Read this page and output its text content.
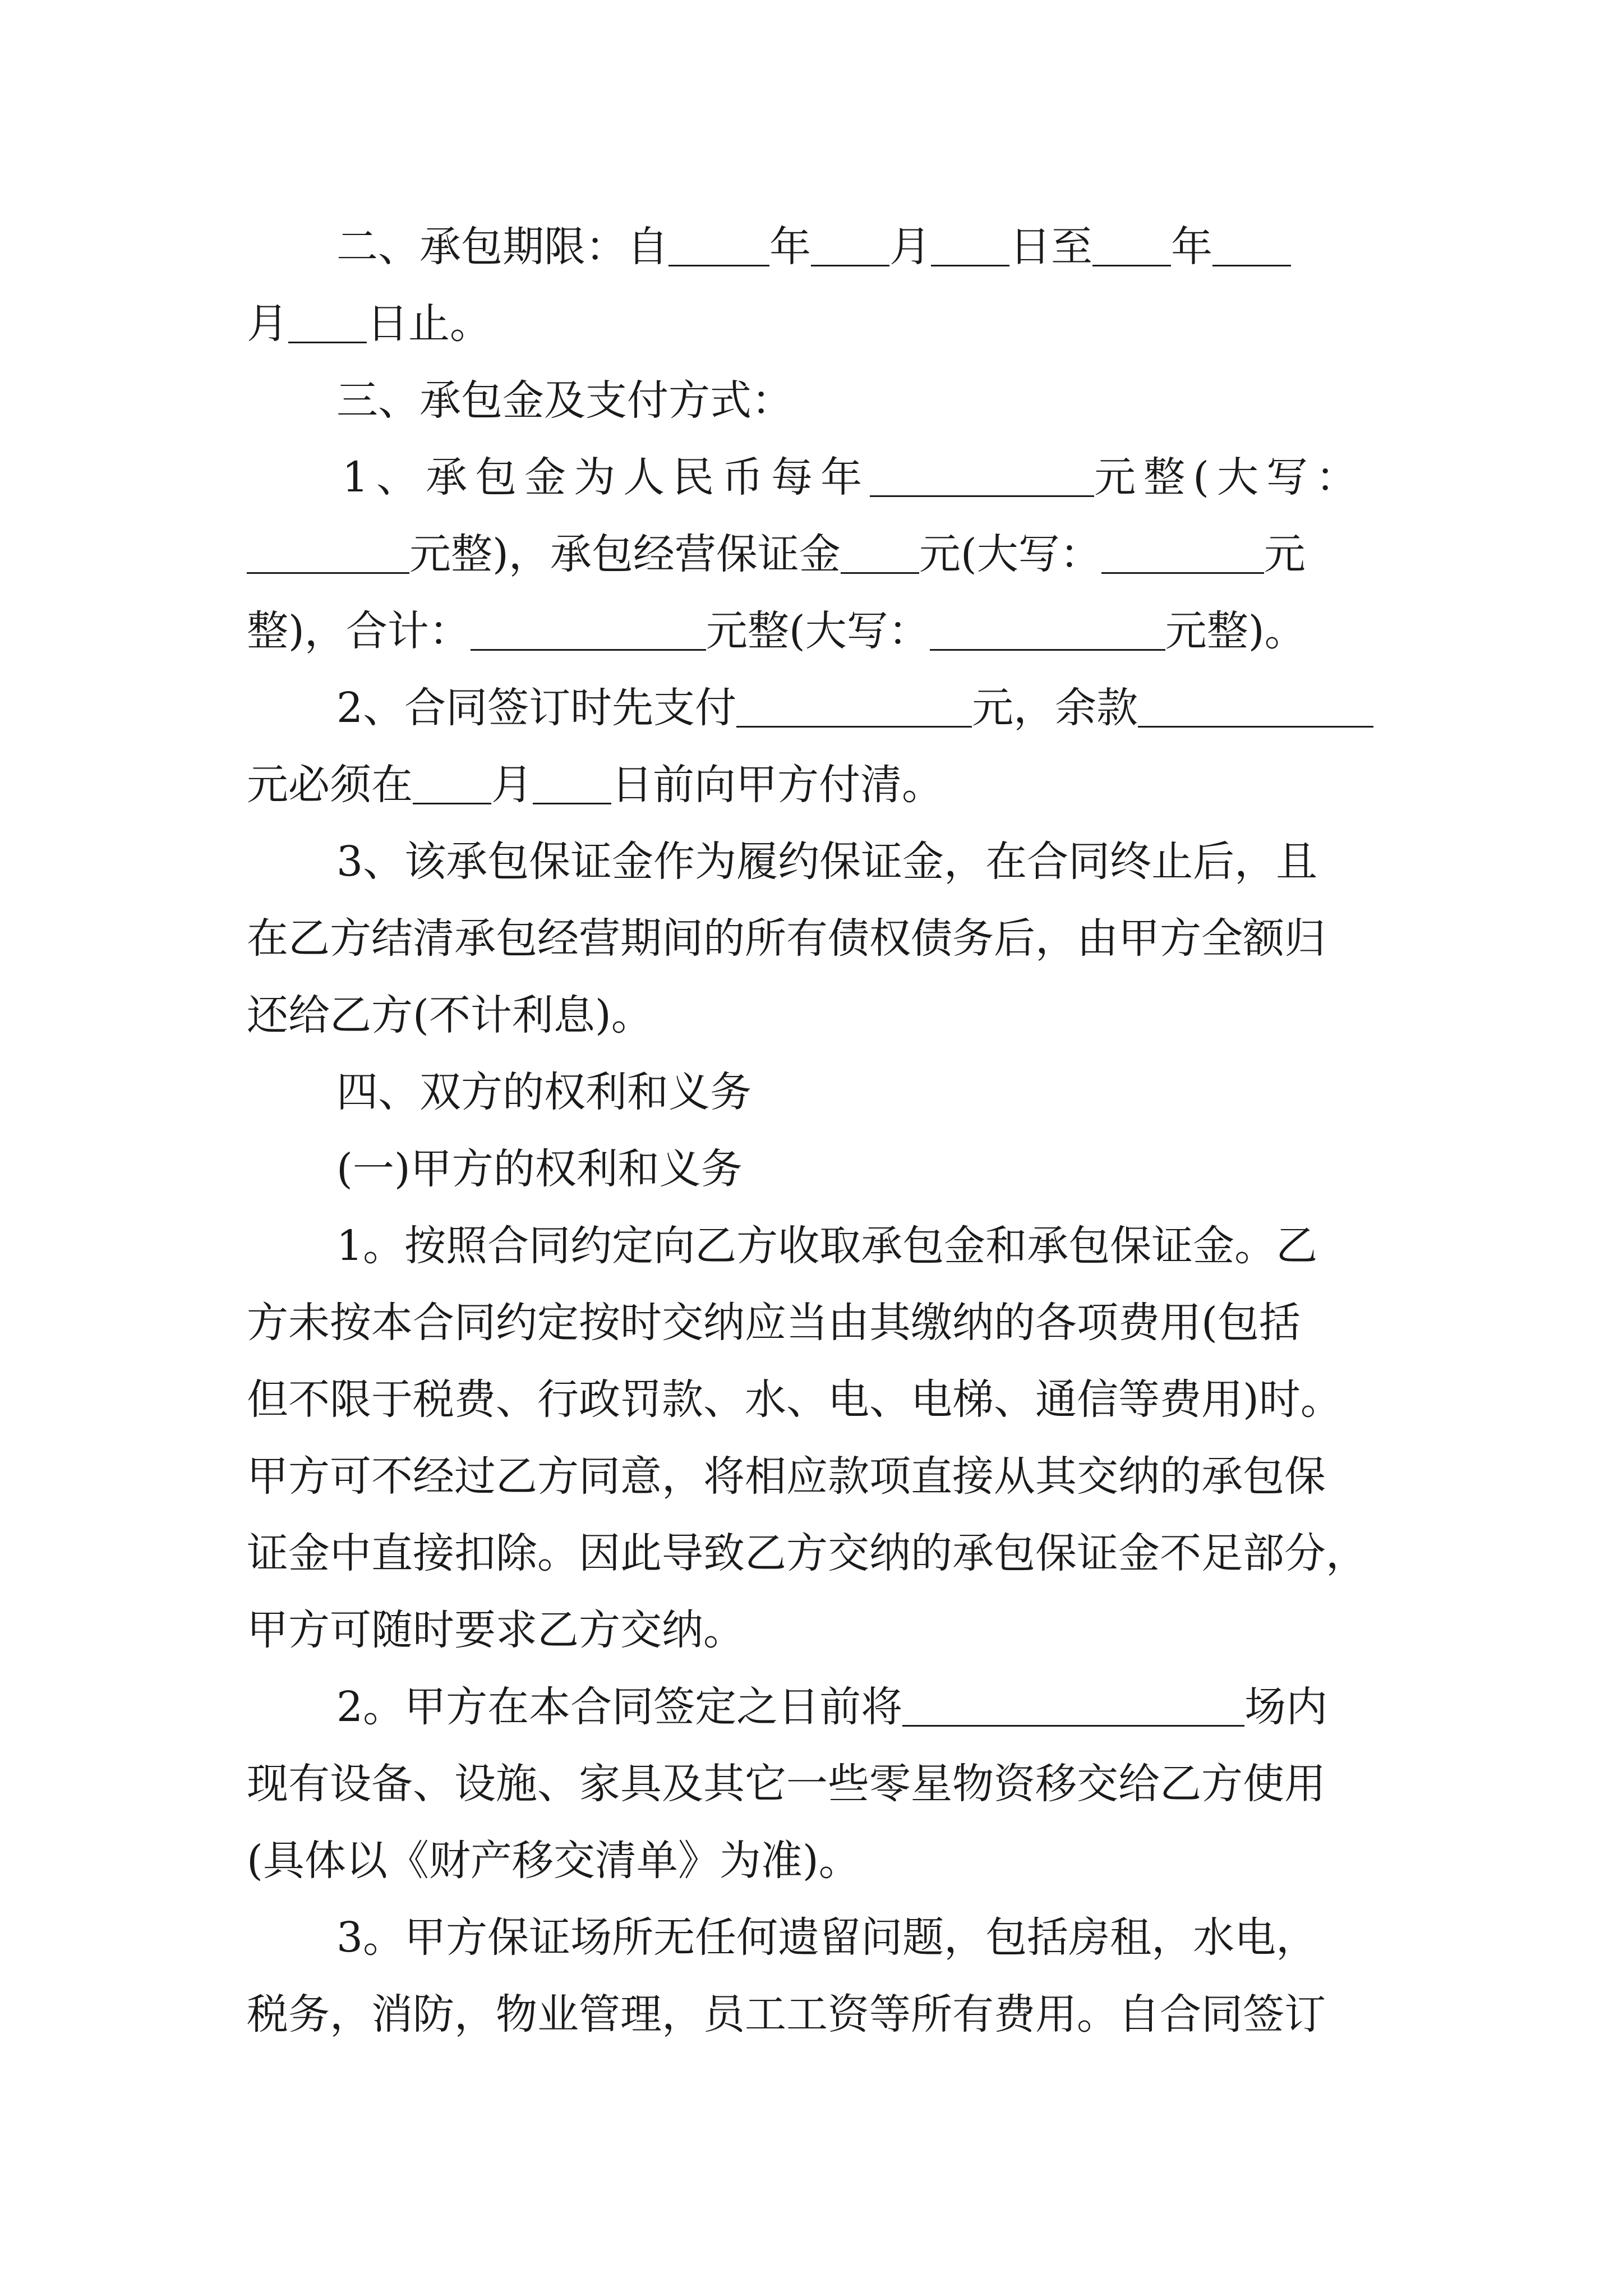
二、承包期限：自 年 月 日至 年
月 日止。
三、承包金及支付方式：
1、承包金为人民币每年	元整(大写：
元整)，承包经营保证金 元(大写：	元
整)，合计：	元整(大写：	元整)。
2、合同签订时先支付	元，余款
元必须在 月 日前向甲方付清。
3、该承包保证金作为履约保证金，在合同终止后，且
在乙方结清承包经营期间的所有债权债务后，由甲方全额归
还给乙方(不计利息)。
四、双方的权利和义务
(一)甲方的权利和义务
1。按照合同约定向乙方收取承包金和承包保证金。乙
方未按本合同约定按时交纳应当由其缴纳的各项费用(包括
但不限于税费、行政罚款、水、电、电梯、通信等费用)时。
甲方可不经过乙方同意，将相应款项直接从其交纳的承包保
证金中直接扣除。因此导致乙方交纳的承包保证金不足部分，
甲方可随时要求乙方交纳。
2。甲方在本合同签定之日前将	场内
现有设备、设施、家具及其它一些零星物资移交给乙方使用
(具体以《财产移交清单》为准)。
3。甲方保证场所无任何遗留问题，包括房租，水电，
税务，消防，物业管理，员工工资等所有费用。自合同签订
